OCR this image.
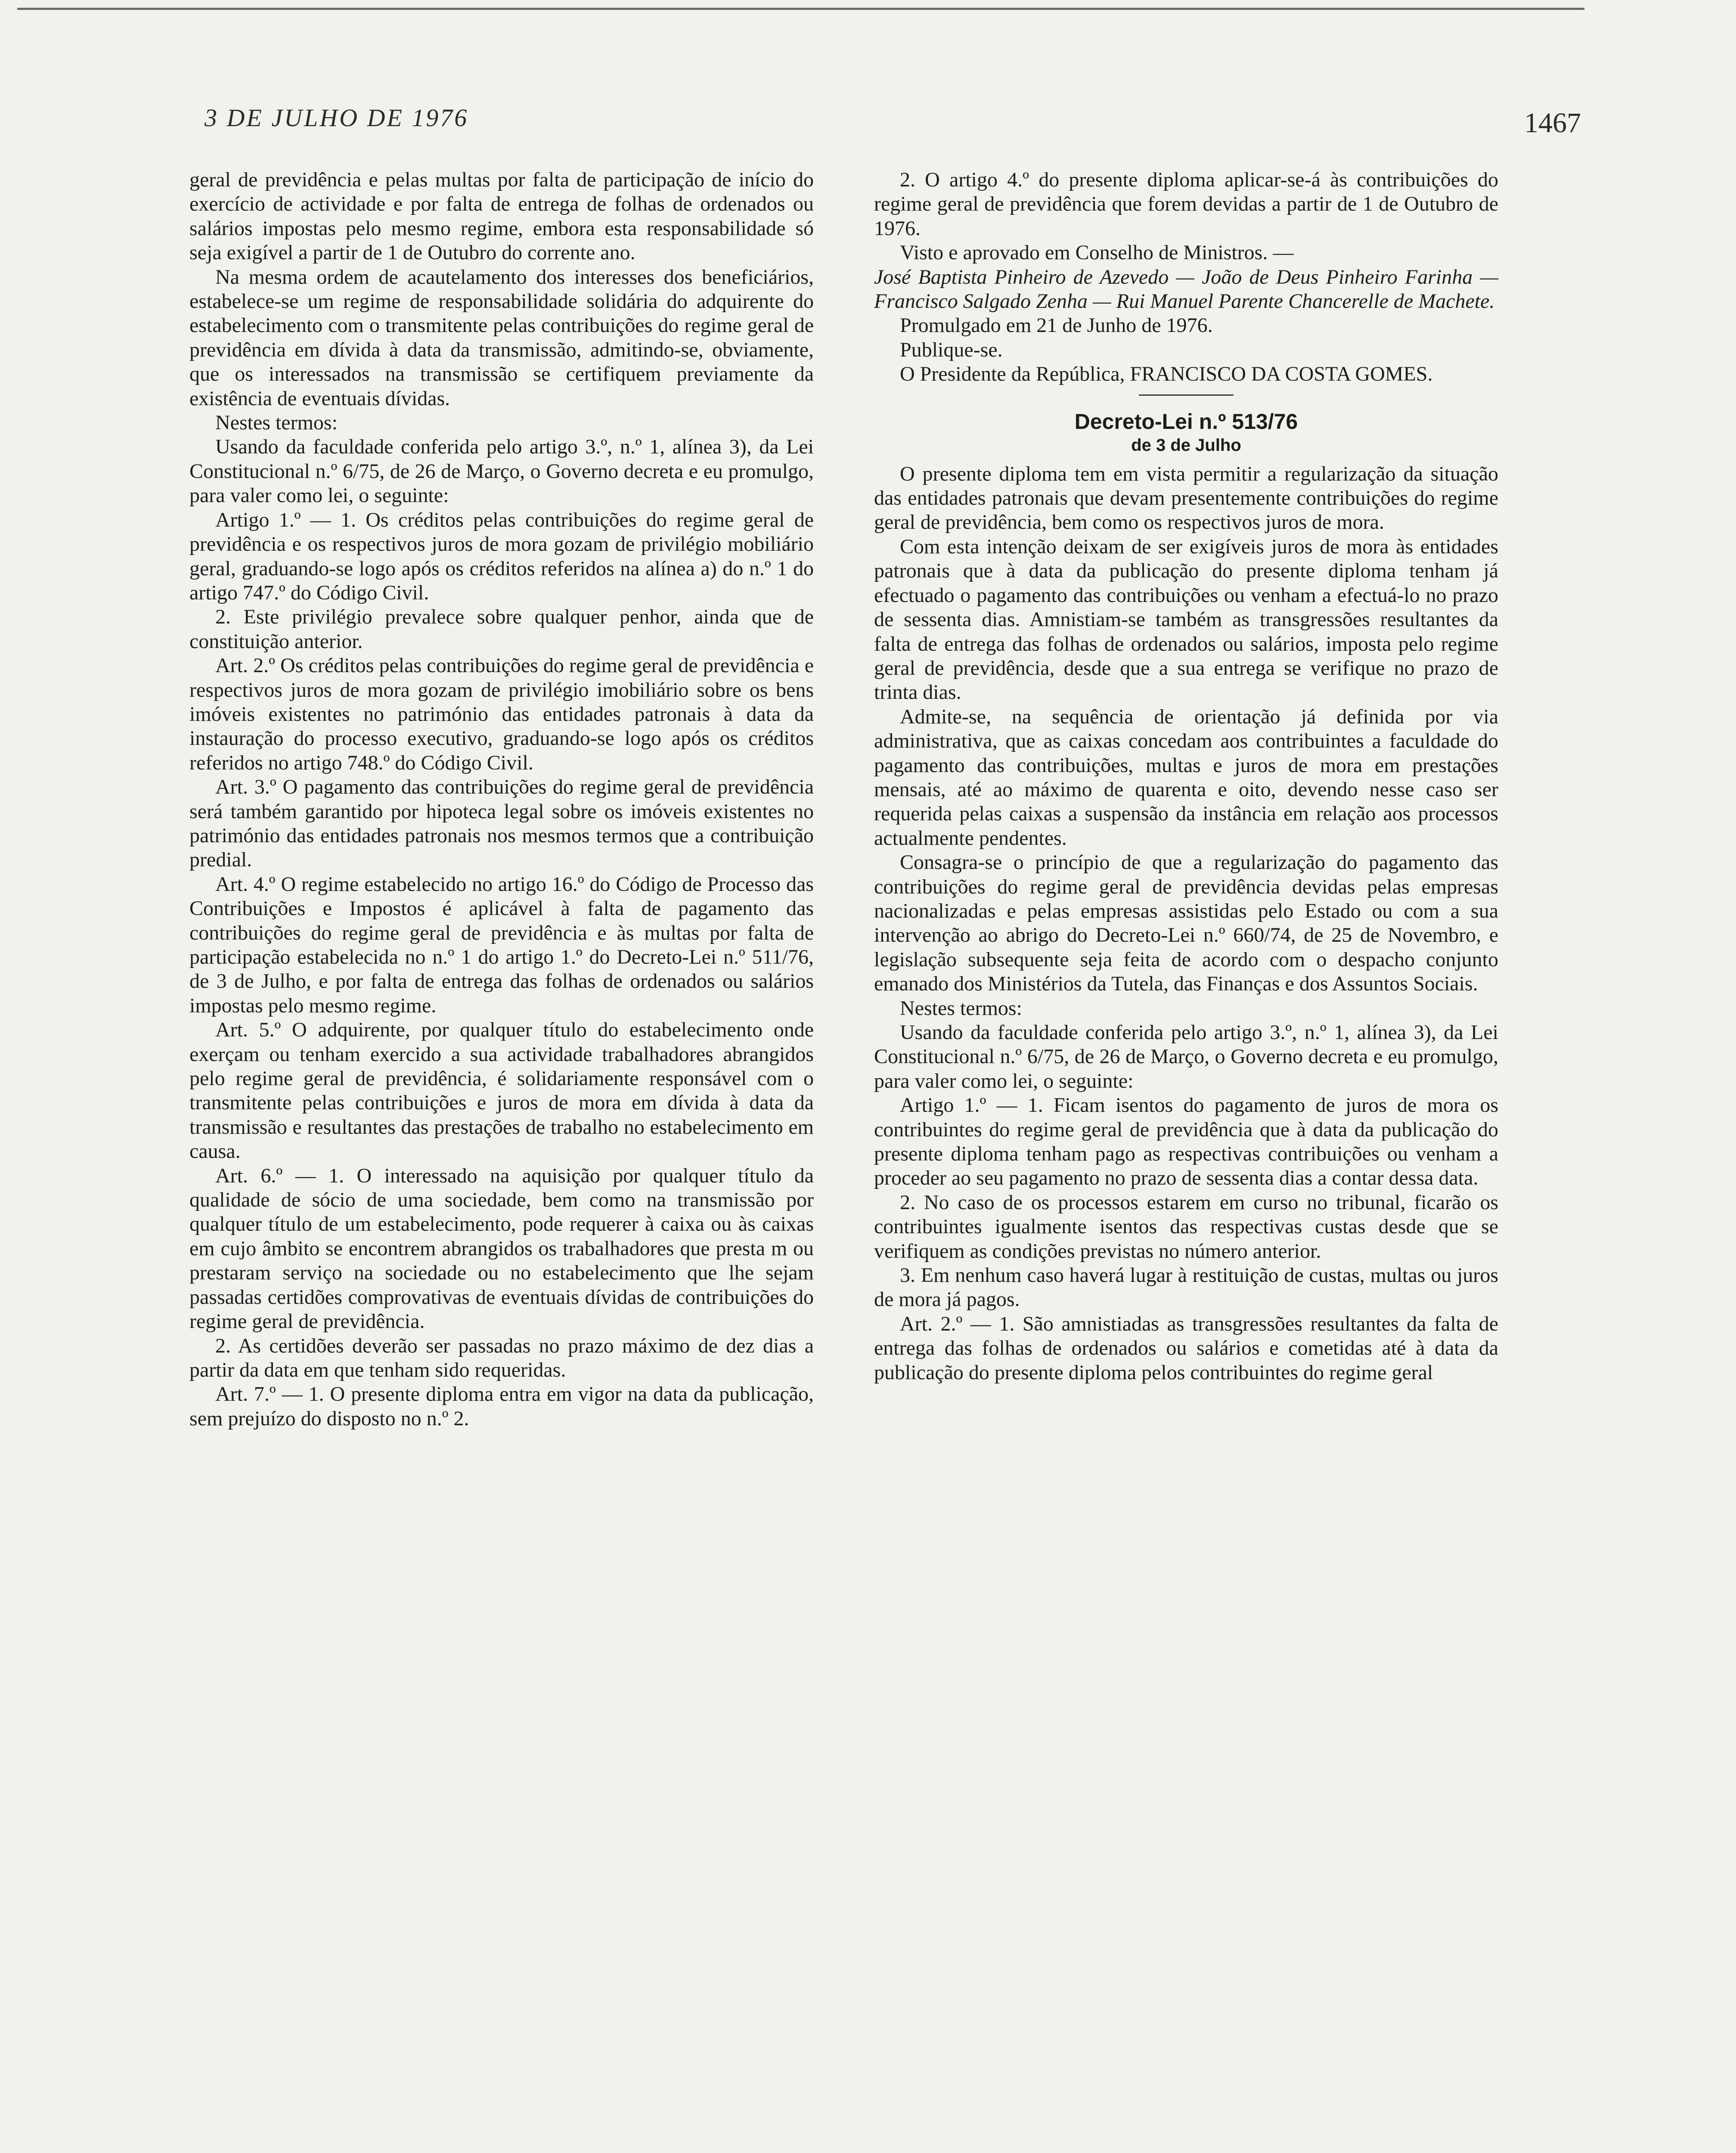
3 DE JULHO DE 1976	1467

geral de previdência e pelas multas por falta de participação de início do exercício de actividade e por falta de entrega de folhas de ordenados ou salários impostas pelo mesmo regime, embora esta responsabilidade só seja exigível a partir de 1 de Outubro do corrente ano.

Na mesma ordem de acautelamento dos interesses dos beneficiários, estabelece-se um regime de responsabilidade solidária do adquirente do estabelecimento com o transmitente pelas contribuições do regime geral de previdência em dívida à data da transmissão, admitindo-se, obviamente, que os interessados na transmissão se certifiquem previamente da existência de eventuais dívidas.

Nestes termos:

Usando da faculdade conferida pelo artigo 3.º, n.º 1, alínea 3), da Lei Constitucional n.º 6/75, de 26 de Março, o Governo decreta e eu promulgo, para valer como lei, o seguinte:

Artigo 1.º — 1. Os créditos pelas contribuições do regime geral de previdência e os respectivos juros de mora gozam de privilégio mobiliário geral, graduando-se logo após os créditos referidos na alínea a) do n.º 1 do artigo 747.º do Código Civil.

2. Este privilégio prevalece sobre qualquer penhor, ainda que de constituição anterior.

Art. 2.º Os créditos pelas contribuições do regime geral de previdência e respectivos juros de mora gozam de privilégio imobiliário sobre os bens imóveis existentes no património das entidades patronais à data da instauração do processo executivo, graduando-se logo após os créditos referidos no artigo 748.º do Código Civil.

Art. 3.º O pagamento das contribuições do regime geral de previdência será também garantido por hipoteca legal sobre os imóveis existentes no património das entidades patronais nos mesmos termos que a contribuição predial.

Art. 4.º O regime estabelecido no artigo 16.º do Código de Processo das Contribuições e Impostos é aplicável à falta de pagamento das contribuições do regime geral de previdência e às multas por falta de participação estabelecida no n.º 1 do artigo 1.º do Decreto-Lei n.º 511/76, de 3 de Julho, e por falta de entrega das folhas de ordenados ou salários impostas pelo mesmo regime.

Art. 5.º O adquirente, por qualquer título do estabelecimento onde exerçam ou tenham exercido a sua actividade trabalhadores abrangidos pelo regime geral de previdência, é solidariamente responsável com o transmitente pelas contribuições e juros de mora em dívida à data da transmissão e resultantes das prestações de trabalho no estabelecimento em causa.

Art. 6.º — 1. O interessado na aquisição por qualquer título da qualidade de sócio de uma sociedade, bem como na transmissão por qualquer título de um estabelecimento, pode requerer à caixa ou às caixas em cujo âmbito se encontrem abrangidos os trabalhadores que presta m ou prestaram serviço na sociedade ou no estabelecimento que lhe sejam passadas certidões comprovativas de eventuais dívidas de contribuições do regime geral de previdência.

2. As certidões deverão ser passadas no prazo máximo de dez dias a partir da data em que tenham sido requeridas.

Art. 7.º — 1. O presente diploma entra em vigor na data da publicação, sem prejuízo do disposto no n.º 2.

2. O artigo 4.º do presente diploma aplicar-se-á às contribuições do regime geral de previdência que forem devidas a partir de 1 de Outubro de 1976.

Visto e aprovado em Conselho de Ministros. —

José Baptista Pinheiro de Azevedo — João de Deus Pinheiro Farinha — Francisco Salgado Zenha — Rui Manuel Parente Chancerelle de Machete.

Promulgado em 21 de Junho de 1976.

Publique-se.

O Presidente da República, FRANCISCO DA COSTA GOMES.

Decreto-Lei n.º 513/76
de 3 de Julho

O presente diploma tem em vista permitir a regularização da situação das entidades patronais que devam presentemente contribuições do regime geral de previdência, bem como os respectivos juros de mora.

Com esta intenção deixam de ser exigíveis juros de mora às entidades patronais que à data da publicação do presente diploma tenham já efectuado o pagamento das contribuições ou venham a efectuá-lo no prazo de sessenta dias. Amnistiam-se também as transgressões resultantes da falta de entrega das folhas de ordenados ou salários, imposta pelo regime geral de previdência, desde que a sua entrega se verifique no prazo de trinta dias.

Admite-se, na sequência de orientação já definida por via administrativa, que as caixas concedam aos contribuintes a faculdade do pagamento das contribuições, multas e juros de mora em prestações mensais, até ao máximo de quarenta e oito, devendo nesse caso ser requerida pelas caixas a suspensão da instância em relação aos processos actualmente pendentes.

Consagra-se o princípio de que a regularização do pagamento das contribuições do regime geral de previdência devidas pelas empresas nacionalizadas e pelas empresas assistidas pelo Estado ou com a sua intervenção ao abrigo do Decreto-Lei n.º 660/74, de 25 de Novembro, e legislação subsequente seja feita de acordo com o despacho conjunto emanado dos Ministérios da Tutela, das Finanças e dos Assuntos Sociais.

Nestes termos:

Usando da faculdade conferida pelo artigo 3.º, n.º 1, alínea 3), da Lei Constitucional n.º 6/75, de 26 de Março, o Governo decreta e eu promulgo, para valer como lei, o seguinte:

Artigo 1.º — 1. Ficam isentos do pagamento de juros de mora os contribuintes do regime geral de previdência que à data da publicação do presente diploma tenham pago as respectivas contribuições ou venham a proceder ao seu pagamento no prazo de sessenta dias a contar dessa data.

2. No caso de os processos estarem em curso no tribunal, ficarão os contribuintes igualmente isentos das respectivas custas desde que se verifiquem as condições previstas no número anterior.

3. Em nenhum caso haverá lugar à restituição de custas, multas ou juros de mora já pagos.

Art. 2.º — 1. São amnistiadas as transgressões resultantes da falta de entrega das folhas de ordenados ou salários e cometidas até à data da publicação do presente diploma pelos contribuintes do regime geral
